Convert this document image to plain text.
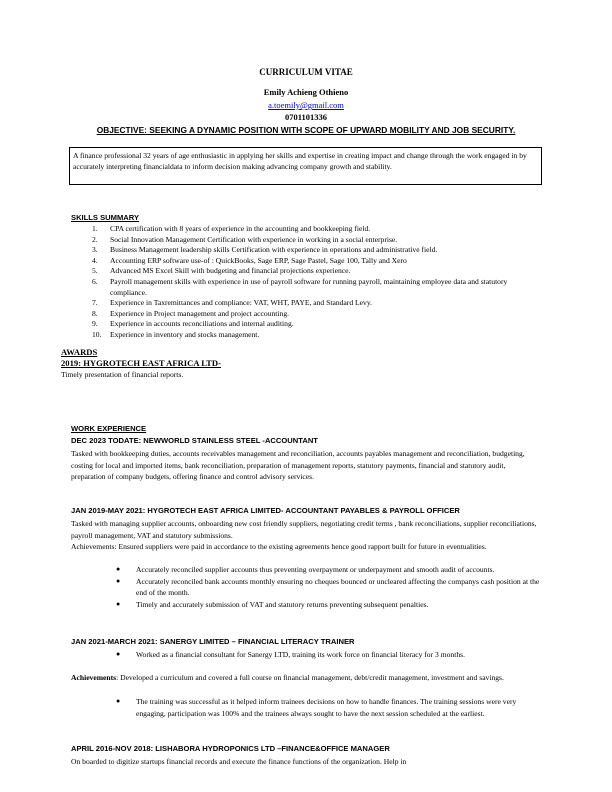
CURRICULUM VITAE
Emily Achieng Othieno
a.toemily@gmail.com
0701101336
OBJECTIVE: SEEKING A DYNAMIC POSITION WITH SCOPE OF UPWARD MOBILITY AND JOB SECURITY.
A finance professional 32 years of age enthusiastic in applying her skills and expertise in creating impact and change through the work engaged in by accurately interpreting financialdata to inform decision making advancing company growth and stability.
SKILLS SUMMARY
1. CPA certification with 8 years of experience in the accounting and bookkeeping field.
2. Social Innovation Management Certification with experience in working in a social enterprise.
3. Business Management leadership skills Certification with experience in operations and administrative field.
4. Accounting ERP software use-of : QuickBooks, Sage ERP, Sage Pastel, Sage 100, Tally and Xero
5. Advanced MS Excel Skill with budgeting and financial projections experience.
6. Payroll management skills with experience in use of payroll software for running payroll, maintaining employee data and statutory compliance.
7. Experience in Taxremittances and compliance: VAT, WHT, PAYE, and Standard Levy.
8. Experience in Project management and project accounting.
9. Experience in accounts reconciliations and internal auditing.
10. Experience in inventory and stocks management.
AWARDS
2019: HYGROTECH EAST AFRICA LTD-
Timely presentation of financial reports.
WORK EXPERIENCE
DEC 2023 TODATE: NEWWORLD STAINLESS STEEL -ACCOUNTANT
Tasked with bookkeeping duties, accounts receivables management and reconciliation, accounts payables management and reconciliation, budgeting, costing for local and imported items, bank reconciliation, preparation of management reports, statutory payments, financial and statutory audit, preparation of company budgets, offering finance and control advisory services.
JAN 2019-MAY 2021: HYGROTECH EAST AFRICA LIMITED- ACCOUNTANT PAYABLES & PAYROLL OFFICER
Tasked with managing supplier accounts, onboarding new cost friendly suppliers, negotiating credit terms , bank reconciliations, supplier reconciliations, payroll management, VAT and statutory submissions.
Achievements: Ensured suppliers were paid in accordance to the existing agreements hence good rapport built for future in eventualities.
● Accurately reconciled supplier accounts thus preventing overpayment or underpayment and smooth audit of accounts.
● Accurately reconciled bank accounts monthly ensuring no cheques bounced or uncleared affecting the companys cash position at the end of the month.
● Timely and accurately submission of VAT and statutory returns preventing subsequent penalties.
JAN 2021-MARCH 2021: SANERGY LIMITED – FINANCIAL LITERACY TRAINER
● Worked as a financial consultant for Sanergy LTD, training its work force on financial literacy for 3 months.
Achievements: Developed a curriculum and covered a full course on financial management, debt/credit management, investment and savings.
● The training was successful as it helped inform trainees decisions on how to handle finances. The training sessions were very engaging, participation was 100% and the trainees always sought to have the next session scheduled at the earliest.
APRIL 2016-NOV 2018: LISHABORA HYDROPONICS LTD –FINANCE&OFFICE MANAGER
On boarded to digitize startups financial records and execute the finance functions of the organization. Help in
